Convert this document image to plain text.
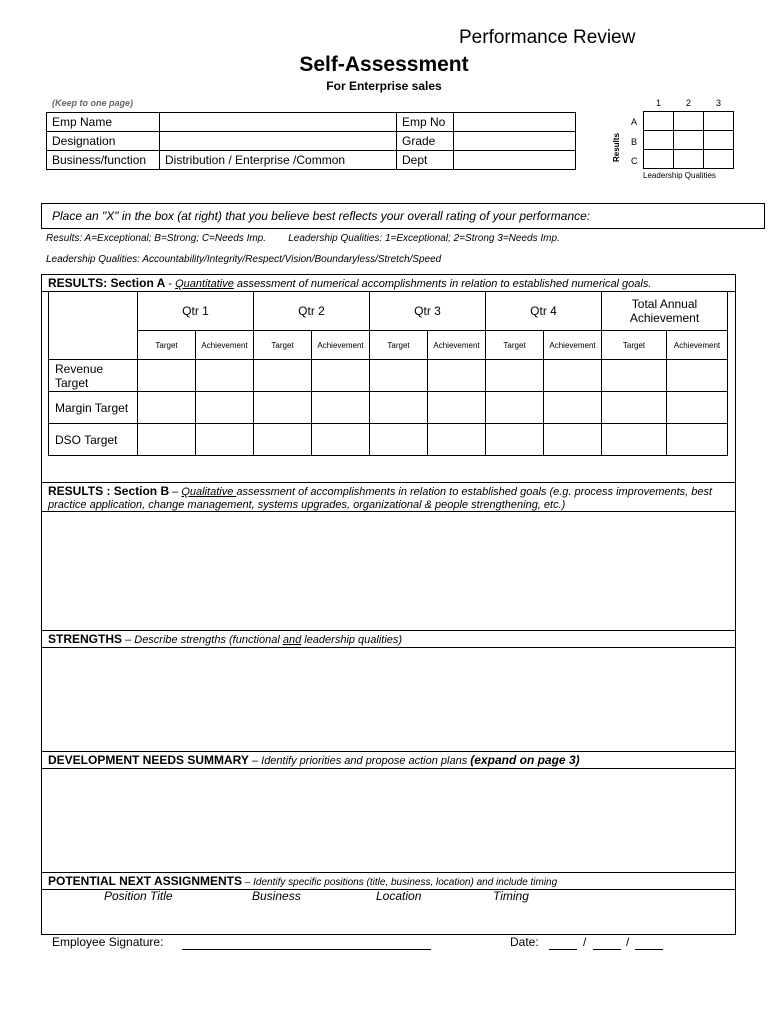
Performance Review
Self-Assessment
For Enterprise sales
(Keep to one page)
Emp Name		Emp No	
Designation		Grade	
Business/function	Distribution / Enterprise /Common	Dept	
1	2	3
A
B
C
Results

Leadership Qualities
Place an "X" in the box (at right) that you believe best reflects your overall rating of your performance:
Results: A=Exceptional; B=Strong; C=Needs Imp.        Leadership Qualities: 1=Exceptional; 2=Strong 3=Needs Imp.
Leadership Qualities: Accountability/Integrity/Respect/Vision/Boundaryless/Stretch/Speed
RESULTS: Section A - Quantitative assessment of numerical accomplishments in relation to established numerical goals.
	Qtr 1		Qtr 2		Qtr 3		Qtr 4		Total Annual Achievement	
	Target	Achievement	Target	Achievement	Target	Achievement	Target	Achievement	Target	Achievement
Revenue Target										
Margin Target										
DSO Target										
RESULTS : Section B – Qualitative assessment of accomplishments in relation to established goals (e.g. process improvements, best practice application, change management, systems upgrades, organizational & people strengthening, etc.)
STRENGTHS – Describe strengths (functional and leadership qualities)
DEVELOPMENT NEEDS SUMMARY – Identify priorities and propose action plans (expand on page 3)
POTENTIAL NEXT ASSIGNMENTS – Identify specific positions (title, business, location) and include timing
Position Title	Business	Location	Timing
Employee Signature:	Date:	/	/
